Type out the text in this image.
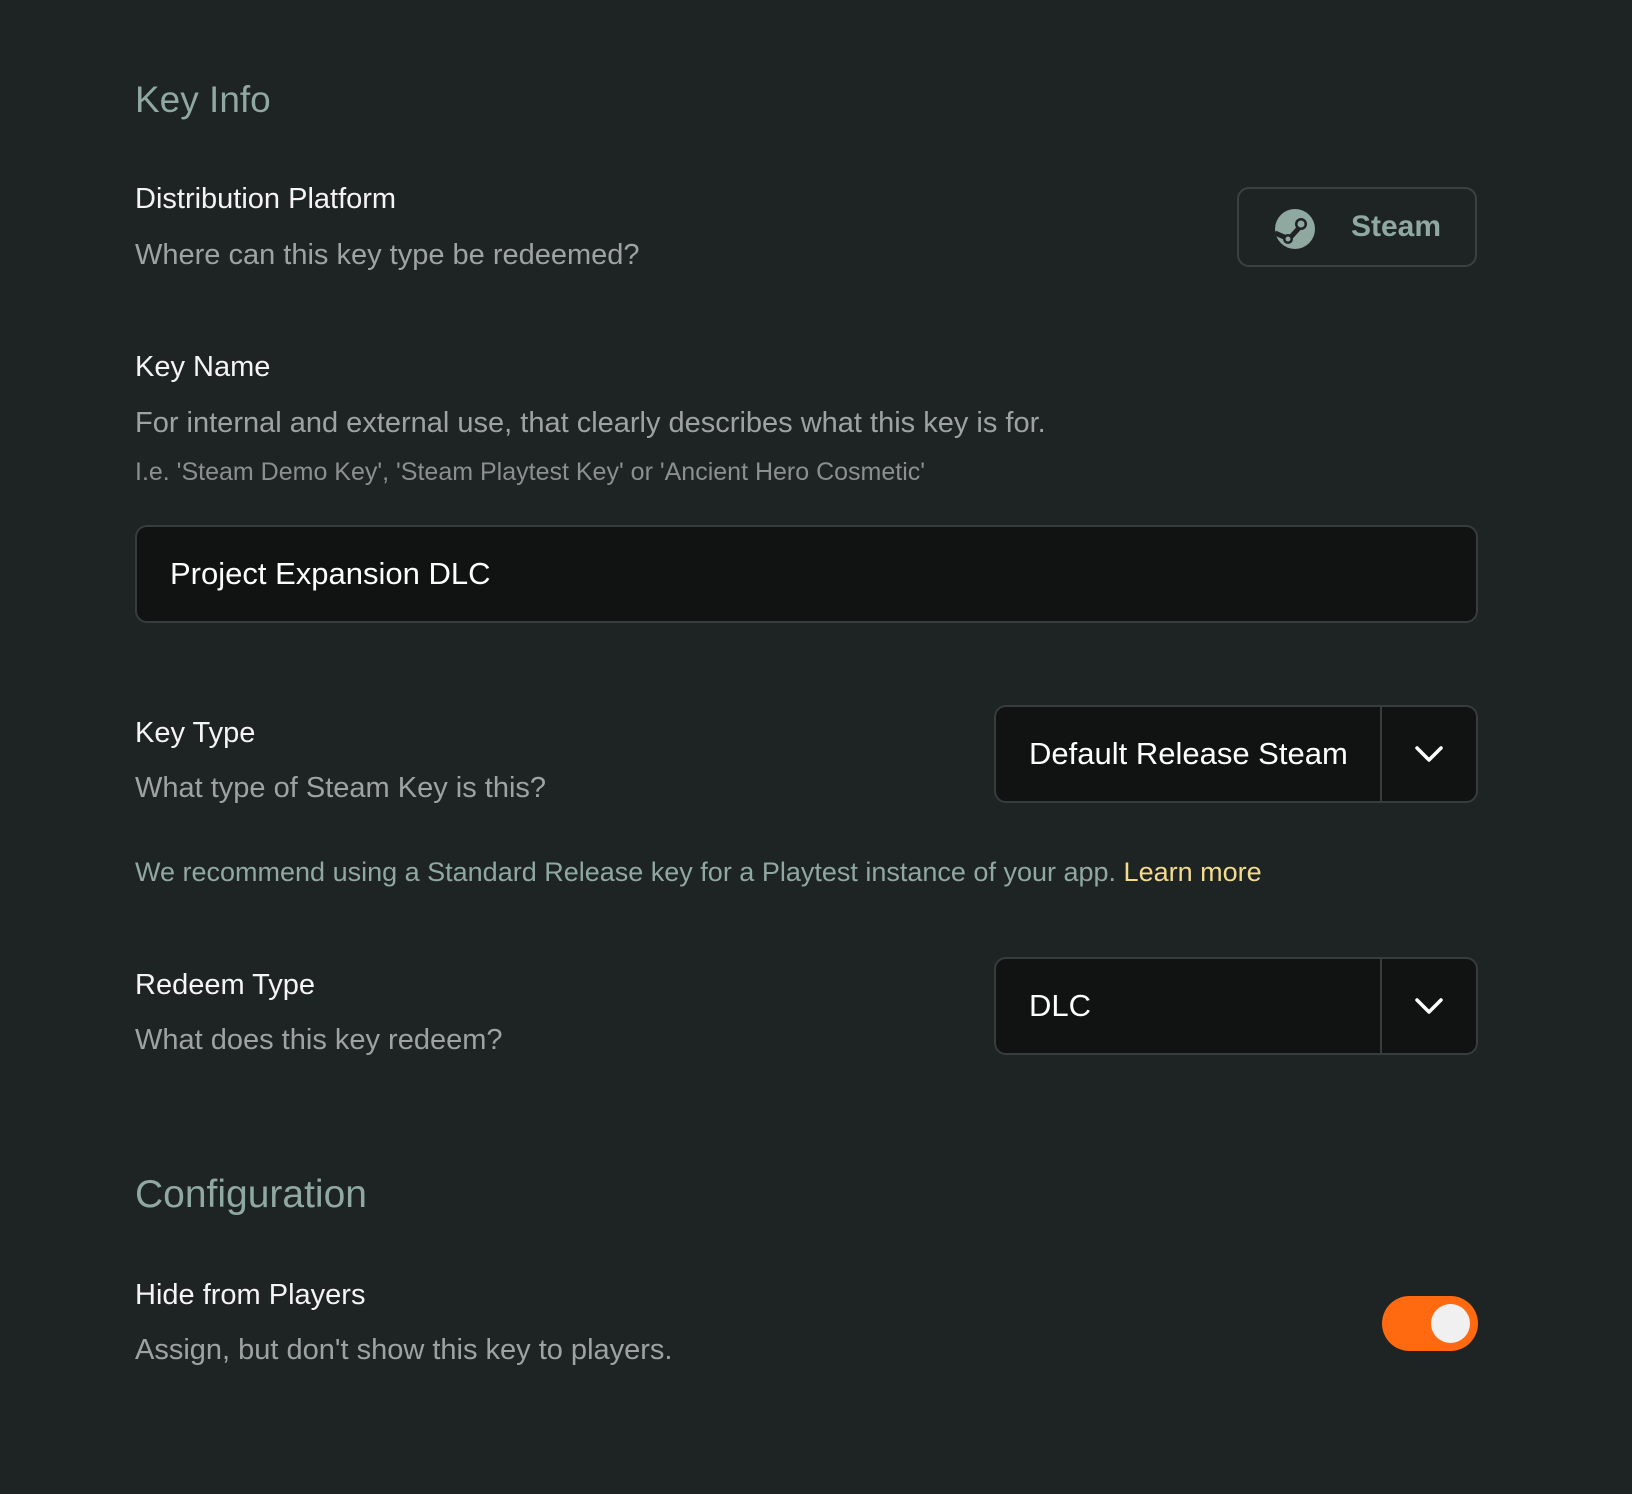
Key Info
Distribution Platform
Where can this key type be redeemed?
Steam
Key Name
For internal and external use, that clearly describes what this key is for.
I.e. 'Steam Demo Key', 'Steam Playtest Key' or 'Ancient Hero Cosmetic'
Project Expansion DLC
Key Type
What type of Steam Key is this?
Default Release Steam
We recommend using a Standard Release key for a Playtest instance of your app. Learn more
Redeem Type
What does this key redeem?
DLC
Configuration
Hide from Players
Assign, but don't show this key to players.
